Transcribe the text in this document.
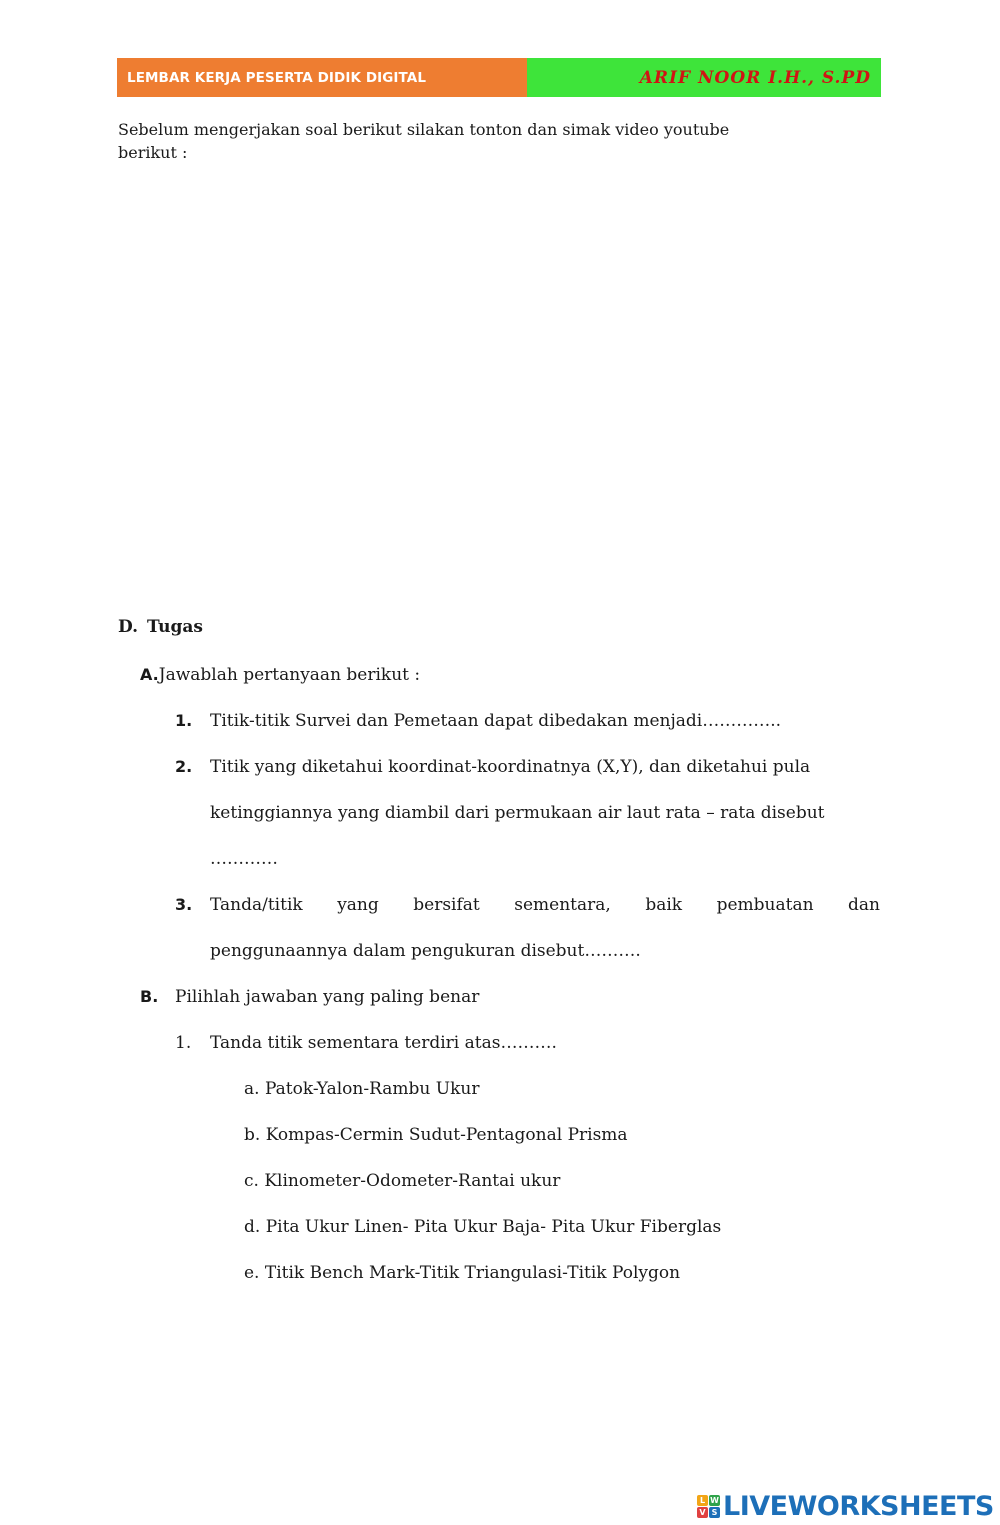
LEMBAR KERJA PESERTA DIDIK DIGITAL	ARIF NOOR I.H., S.PD
Sebelum mengerjakan soal berikut silakan tonton dan simak video youtube
berikut :
D. Tugas
A.Jawablah pertanyaan berikut :
1. Titik-titik Survei dan Pemetaan dapat dibedakan menjadi…………..
2. Titik yang diketahui koordinat-koordinatnya (X,Y), dan diketahui pula
ketinggiannya yang diambil dari permukaan air laut rata – rata disebut
…………
3. Tanda/titik yang bersifat sementara, baik pembuatan dan
penggunaannya dalam pengukuran disebut……….
B. Pilihlah jawaban yang paling benar
1. Tanda titik sementara terdiri atas……….
a. Patok-Yalon-Rambu Ukur
b. Kompas-Cermin Sudut-Pentagonal Prisma
c. Klinometer-Odometer-Rantai ukur
d. Pita Ukur Linen- Pita Ukur Baja- Pita Ukur Fiberglas
e. Titik Bench Mark-Titik Triangulasi-Titik Polygon
L W
V S LIVEWORKSHEETS
